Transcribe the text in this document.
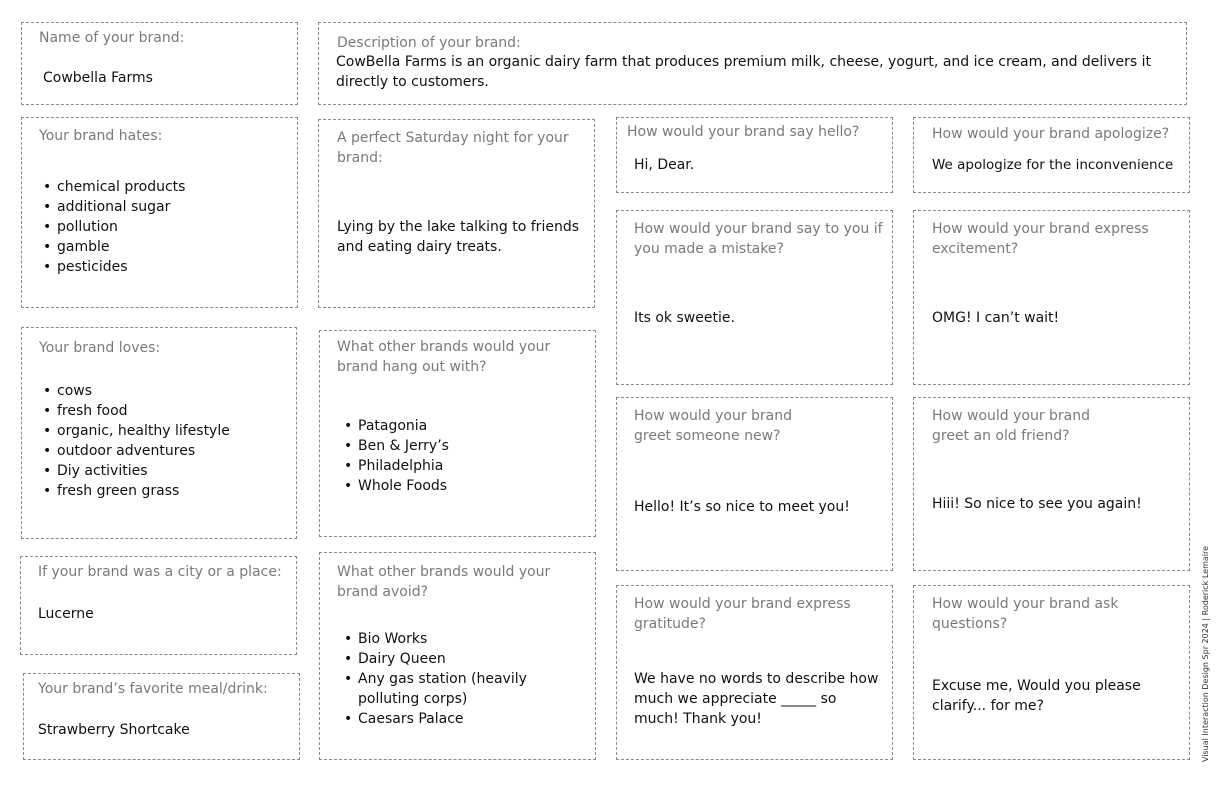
Name of your brand:
Cowbella Farms
Your brand hates:
• chemical products
• additional sugar
• pollution
• gamble
• pesticides
Your brand loves:
• cows
• fresh food
• organic, healthy lifestyle
• outdoor adventures
• Diy activities
• fresh green grass
If your brand was a city or a place:
Lucerne
Your brand’s favorite meal/drink:
Strawberry Shortcake
Description of your brand:
CowBella Farms is an organic dairy farm that produces premium milk, cheese, yogurt, and ice cream, and delivers it directly to customers.
A perfect Saturday night for your brand:
Lying by the lake talking to friends and eating dairy treats.
What other brands would your brand hang out with?
• Patagonia
• Ben & Jerry’s
• Philadelphia
• Whole Foods
What other brands would your brand avoid?
• Bio Works
• Dairy Queen
• Any gas station (heavily polluting corps)
• Caesars Palace
How would your brand say hello?
Hi, Dear.
How would your brand say to you if you made a mistake?
Its ok sweetie.
How would your brand greet someone new?
Hello! It’s so nice to meet you!
How would your brand express gratitude?
We have no words to describe how much we appreciate _____ so much! Thank you!
How would your brand apologize?
We apologize for the inconvenience
How would your brand express excitement?
OMG! I can’t wait!
How would your brand greet an old friend?
Hiii! So nice to see you again!
How would your brand ask questions?
Excuse me, Would you please clarify... for me?	Visual Interaction Design Spr 2024 | Roderick Lemaire
